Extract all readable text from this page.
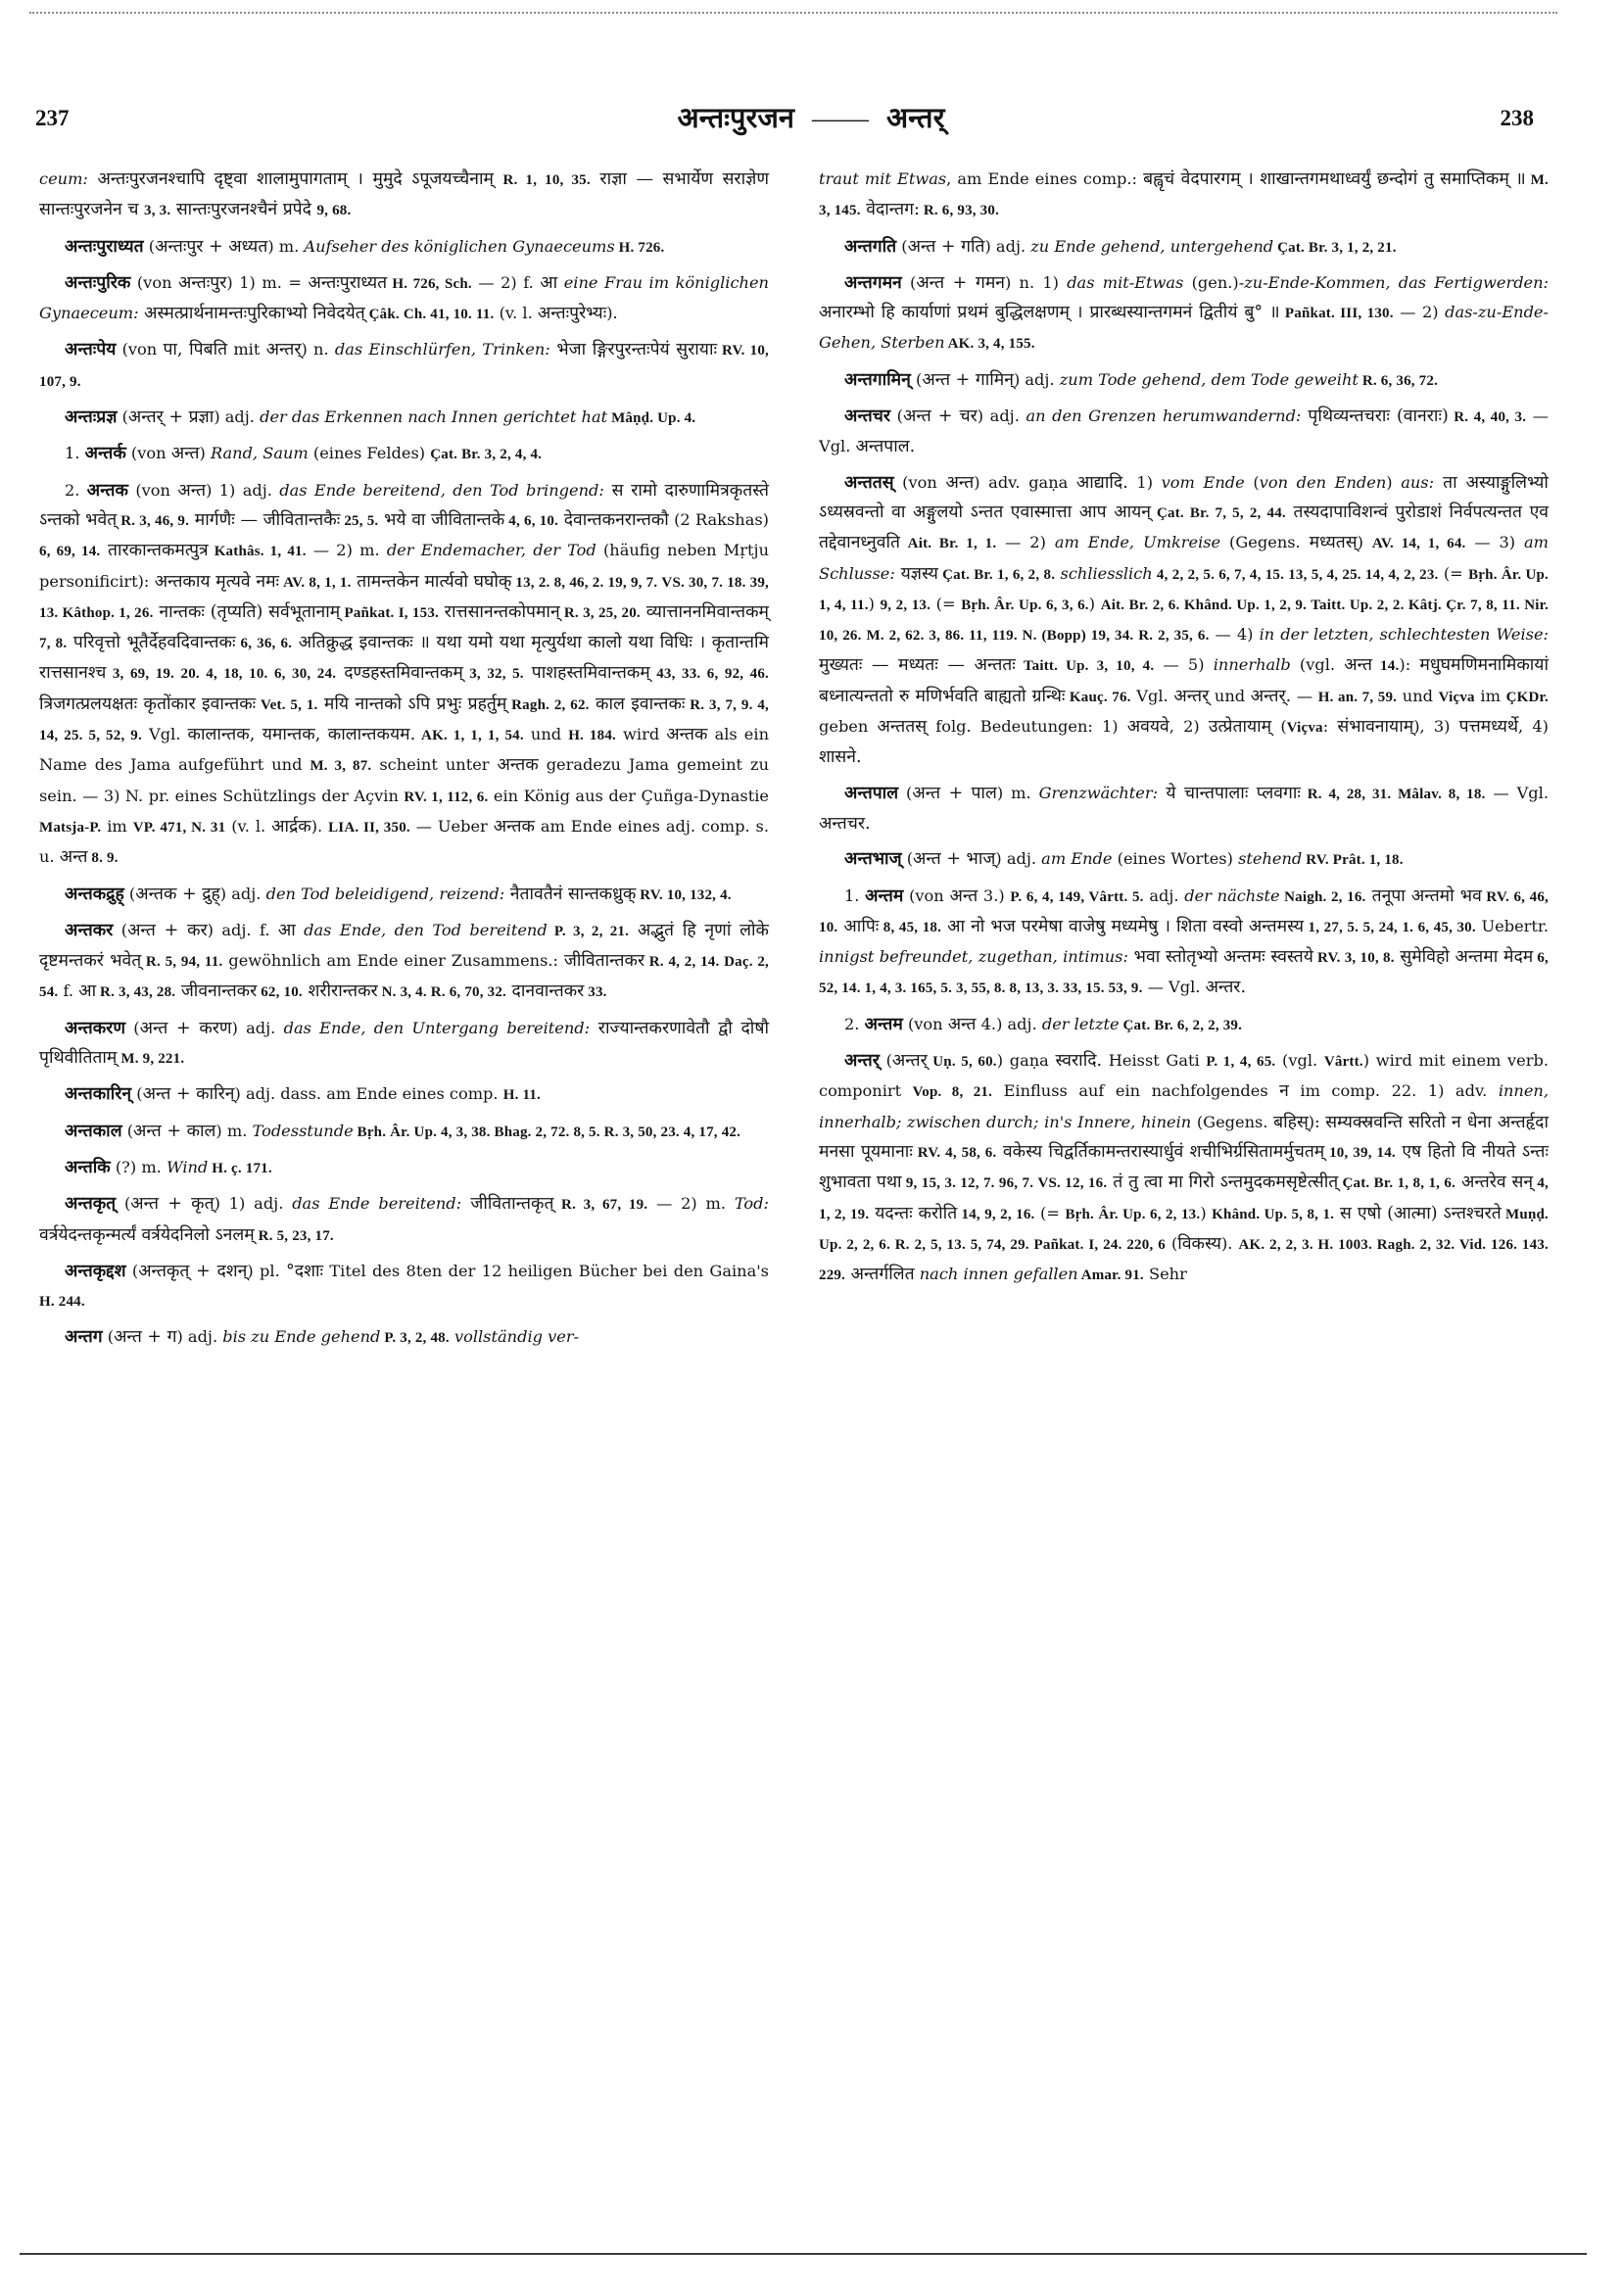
237	अन्तःपुरजन —— अन्तर्	238

ceum: अन्तःपुरजनश्चापि दृष्ट्वा शालामुपागताम् । मुमुदे ऽपूजयच्चैनाम् R. 1, 10, 35. राज्ञा — सभार्येण सराज्ञेण सान्तःपुरजनेन च 3, 3. सान्तःपुरजनश्चैनं प्रपेदे 9, 68.

अन्तःपुराध्यत (अन्तःपुर + अध्यत) m. Aufseher des königlichen Gynaeceums H. 726.

अन्तःपुरिक (von अन्तःपुर) 1) m. = अन्तःपुराध्यत H. 726, Sch. — 2) f. आ eine Frau im königlichen Gynaeceum: अस्मत्प्रार्थनामन्तःपुरिकाभ्यो निवेदयेत् Çâk. Ch. 41, 10. 11. (v. l. अन्तःपुरेभ्यः).

अन्तःपेय (von पा, पिबति mit अन्तर्) n. das Einschlürfen, Trinken: भेजा ङ्गिरपुरन्तःपेयं सुरायाः RV. 10, 107, 9.

अन्तःप्रज्ञ (अन्तर् + प्रज्ञा) adj. der das Erkennen nach Innen gerichtet hat Mâṇḍ. Up. 4.

1. अन्तर्क (von अन्त) Rand, Saum (eines Feldes) Çat. Br. 3, 2, 4, 4.

2. अन्तक (von अन्त) 1) adj. das Ende bereitend, den Tod bringend: स रामो दारुणामित्रकृतस्ते ऽन्तको भवेत् R. 3, 46, 9. मार्गणैः — जीवितान्तकैः 25, 5. भये वा जीवितान्तके 4, 6, 10. देवान्तकनरान्तकौ (2 Rakshas) 6, 69, 14. तारकान्तकमत्पुत्र Kathâs. 1, 41. — 2) m. der Endemacher, der Tod (häufig neben Mṛtju personificirt): अन्तकाय मृत्यवे नमः AV. 8, 1, 1. तामन्तकेन मार्त्यवो घघोक् 13, 2. 8, 46, 2. 19, 9, 7. VS. 30, 7. 18. 39, 13. Kâthop. 1, 26. नान्तकः (तृप्यति) सर्वभूतानाम् Pañkat. I, 153. रात्तसानन्तकोपमान् R. 3, 25, 20. व्यात्ताननमिवान्तकम् 7, 8. परिवृत्तो भूतैर्देहवदिवान्तकः 6, 36, 6. अतिक्रुद्ध इवान्तकः ॥ यथा यमो यथा मृत्युर्यथा कालो यथा विधिः । कृतान्तमि रात्तसानश्च 3, 69, 19. 20. 4, 18, 10. 6, 30, 24. दण्डहस्तमिवान्तकम् 3, 32, 5. पाशहस्तमिवान्तकम् 43, 33. 6, 92, 46. त्रिजगत्प्रलयक्षतः कृतोंकार इवान्तकः Vet. 5, 1. मयि नान्तको ऽपि प्रभुः प्रहर्तुम् Ragh. 2, 62. काल इवान्तकः R. 3, 7, 9. 4, 14, 25. 5, 52, 9. Vgl. कालान्तक, यमान्तक, कालान्तकयम. AK. 1, 1, 1, 54. und H. 184. wird अन्तक als ein Name des Jama aufgeführt und M. 3, 87. scheint unter अन्तक geradezu Jama gemeint zu sein. — 3) N. pr. eines Schützlings der Açvin RV. 1, 112, 6. ein König aus der Çuñga-Dynastie Matsja-P. im VP. 471, N. 31 (v. l. आर्द्रक). LIA. II, 350. — Ueber अन्तक am Ende eines adj. comp. s. u. अन्त 8. 9.

अन्तकद्रुह् (अन्तक + द्रुह्) adj. den Tod beleidigend, reizend: नैतावतैनं सान्तकध्रुक् RV. 10, 132, 4.

अन्तकर (अन्त + कर) adj. f. आ das Ende, den Tod bereitend P. 3, 2, 21. अद्भुतं हि नृणां लोके दृष्टमन्तकरं भवेत् R. 5, 94, 11. gewöhnlich am Ende einer Zusammens.: जीवितान्तकर R. 4, 2, 14. Daç. 2, 54. f. आ R. 3, 43, 28. जीवनान्तकर 62, 10. शरीरान्तकर N. 3, 4. R. 6, 70, 32. दानवान्तकर 33.

अन्तकरण (अन्त + करण) adj. das Ende, den Untergang bereitend: राज्यान्तकरणावेतौ द्वौ दोषौ पृथिवीतिताम् M. 9, 221.

अन्तकारिन् (अन्त + कारिन्) adj. dass. am Ende eines comp. H. 11.

अन्तकाल (अन्त + काल) m. Todesstunde Bṛh. Âr. Up. 4, 3, 38. Bhag. 2, 72. 8, 5. R. 3, 50, 23. 4, 17, 42.

अन्तकि (?) m. Wind H. ç. 171.

अन्तकृत् (अन्त + कृत्) 1) adj. das Ende bereitend: जीवितान्तकृत् R. 3, 67, 19. — 2) m. Tod: वर्त्रयेदन्तकृन्मर्त्यं वर्त्रयेदनिलो ऽनलम् R. 5, 23, 17.

अन्तकृद्दश (अन्तकृत् + दशन्) pl. °दशाः Titel des 8ten der 12 heiligen Bücher bei den Gaina's H. 244.

अन्तग (अन्त + ग) adj. bis zu Ende gehend P. 3, 2, 48. vollständig ver-

traut mit Etwas, am Ende eines comp.: बह्वृचं वेदपारगम् । शाखान्तगमथाध्वर्युं छन्दोगं तु समाप्तिकम् ॥ M. 3, 145. वेदान्तग: R. 6, 93, 30.

अन्तगति (अन्त + गति) adj. zu Ende gehend, untergehend Çat. Br. 3, 1, 2, 21.

अन्तगमन (अन्त + गमन) n. 1) das mit-Etwas (gen.)-zu-Ende-Kommen, das Fertigwerden: अनारम्भो हि कार्याणां प्रथमं बुद्धिलक्षणम् । प्रारब्धस्यान्तगमनं द्वितीयं बु° ॥ Pañkat. III, 130. — 2) das-zu-Ende-Gehen, Sterben AK. 3, 4, 155.

अन्तगामिन् (अन्त + गामिन्) adj. zum Tode gehend, dem Tode geweiht R. 6, 36, 72.

अन्तचर (अन्त + चर) adj. an den Grenzen herumwandernd: पृथिव्यन्तचराः (वानराः) R. 4, 40, 3. — Vgl. अन्तपाल.

अन्ततस् (von अन्त) adv. gaṇa आद्यादि. 1) vom Ende (von den Enden) aus: ता अस्याङ्गुलिभ्यो ऽध्यस्रवन्तो वा अङ्गुलयो ऽन्तत एवास्मात्ता आप आयन् Çat. Br. 7, 5, 2, 44. तस्यदापाविशन्वं पुरोडाशं निर्वपत्यन्तत एव तद्देवानध्नुवति Ait. Br. 1, 1. — 2) am Ende, Umkreise (Gegens. मध्यतस्) AV. 14, 1, 64. — 3) am Schlusse: यज्ञस्य Çat. Br. 1, 6, 2, 8. schliesslich 4, 2, 2, 5. 6, 7, 4, 15. 13, 5, 4, 25. 14, 4, 2, 23. (= Bṛh. Âr. Up. 1, 4, 11.) 9, 2, 13. (= Bṛh. Âr. Up. 6, 3, 6.) Ait. Br. 2, 6. Khând. Up. 1, 2, 9. Taitt. Up. 2, 2. Kâtj. Çr. 7, 8, 11. Nir. 10, 26. M. 2, 62. 3, 86. 11, 119. N. (Bopp) 19, 34. R. 2, 35, 6. — 4) in der letzten, schlechtesten Weise: मुख्यतः — मध्यतः — अन्ततः Taitt. Up. 3, 10, 4. — 5) innerhalb (vgl. अन्त 14.): मधुघमणिमनामिकायां बध्नात्यन्ततो रु मणिर्भवति बाह्यतो ग्रन्थिः Kauç. 76. Vgl. अन्तर् und अन्तर्. — H. an. 7, 59. und Viçva im ÇKDr. geben अन्ततस् folg. Bedeutungen: 1) अवयवे, 2) उत्प्रेतायाम् (Viçva: संभावनायाम्), 3) पत्तमध्यर्थे, 4) शासने.

अन्तपाल (अन्त + पाल) m. Grenzwächter: ये चान्तपालाः प्लवगाः R. 4, 28, 31. Mâlav. 8, 18. — Vgl. अन्तचर.

अन्तभाज् (अन्त + भाज्) adj. am Ende (eines Wortes) stehend RV. Prât. 1, 18.

1. अन्तम (von अन्त 3.) P. 6, 4, 149, Vârtt. 5. adj. der nächste Naigh. 2, 16. तनूपा अन्तमो भव RV. 6, 46, 10. आपिः 8, 45, 18. आ नो भज परमेषा वाजेषु मध्यमेषु । शिता वस्वो अन्तमस्य 1, 27, 5. 5, 24, 1. 6, 45, 30. Uebertr. innigst befreundet, zugethan, intimus: भवा स्तोतृभ्यो अन्तमः स्वस्तये RV. 3, 10, 8. सुमेविहो अन्तमा मेदम 6, 52, 14. 1, 4, 3. 165, 5. 3, 55, 8. 8, 13, 3. 33, 15. 53, 9. — Vgl. अन्तर.

2. अन्तम (von अन्त 4.) adj. der letzte Çat. Br. 6, 2, 2, 39.

अन्तर् (अन्तर् Uṇ. 5, 60.) gaṇa स्वरादि. Heisst Gati P. 1, 4, 65. (vgl. Vârtt.) wird mit einem verb. componirt Vop. 8, 21. Einfluss auf ein nachfolgendes न im comp. 22. 1) adv. innen, innerhalb; zwischen durch; in's Innere, hinein (Gegens. बहिस्): सम्यक्स्रवन्ति सरितो न धेना अन्तर्हृदा मनसा पूयमानाः RV. 4, 58, 6. वकेस्य चिद्वर्तिकामन्तरास्यार्धुवं शचीभिर्ग्रसितामर्मुचतम् 10, 39, 14. एष हितो वि नीयते ऽन्तः शुभावता पथा 9, 15, 3. 12, 7. 96, 7. VS. 12, 16. तं तु त्वा मा गिरो ऽन्तमुदकमसृष्टेत्सीत् Çat. Br. 1, 8, 1, 6. अन्तरेव सन् 4, 1, 2, 19. यदन्तः करोति 14, 9, 2, 16. (= Bṛh. Âr. Up. 6, 2, 13.) Khând. Up. 5, 8, 1. स एषो (आत्मा) ऽन्तश्चरते Muṇḍ. Up. 2, 2, 6. R. 2, 5, 13. 5, 74, 29. Pañkat. I, 24. 220, 6 (विकस्य). AK. 2, 2, 3. H. 1003. Ragh. 2, 32. Vid. 126. 143. 229. अन्तर्गलित nach innen gefallen Amar. 91. Sehr
